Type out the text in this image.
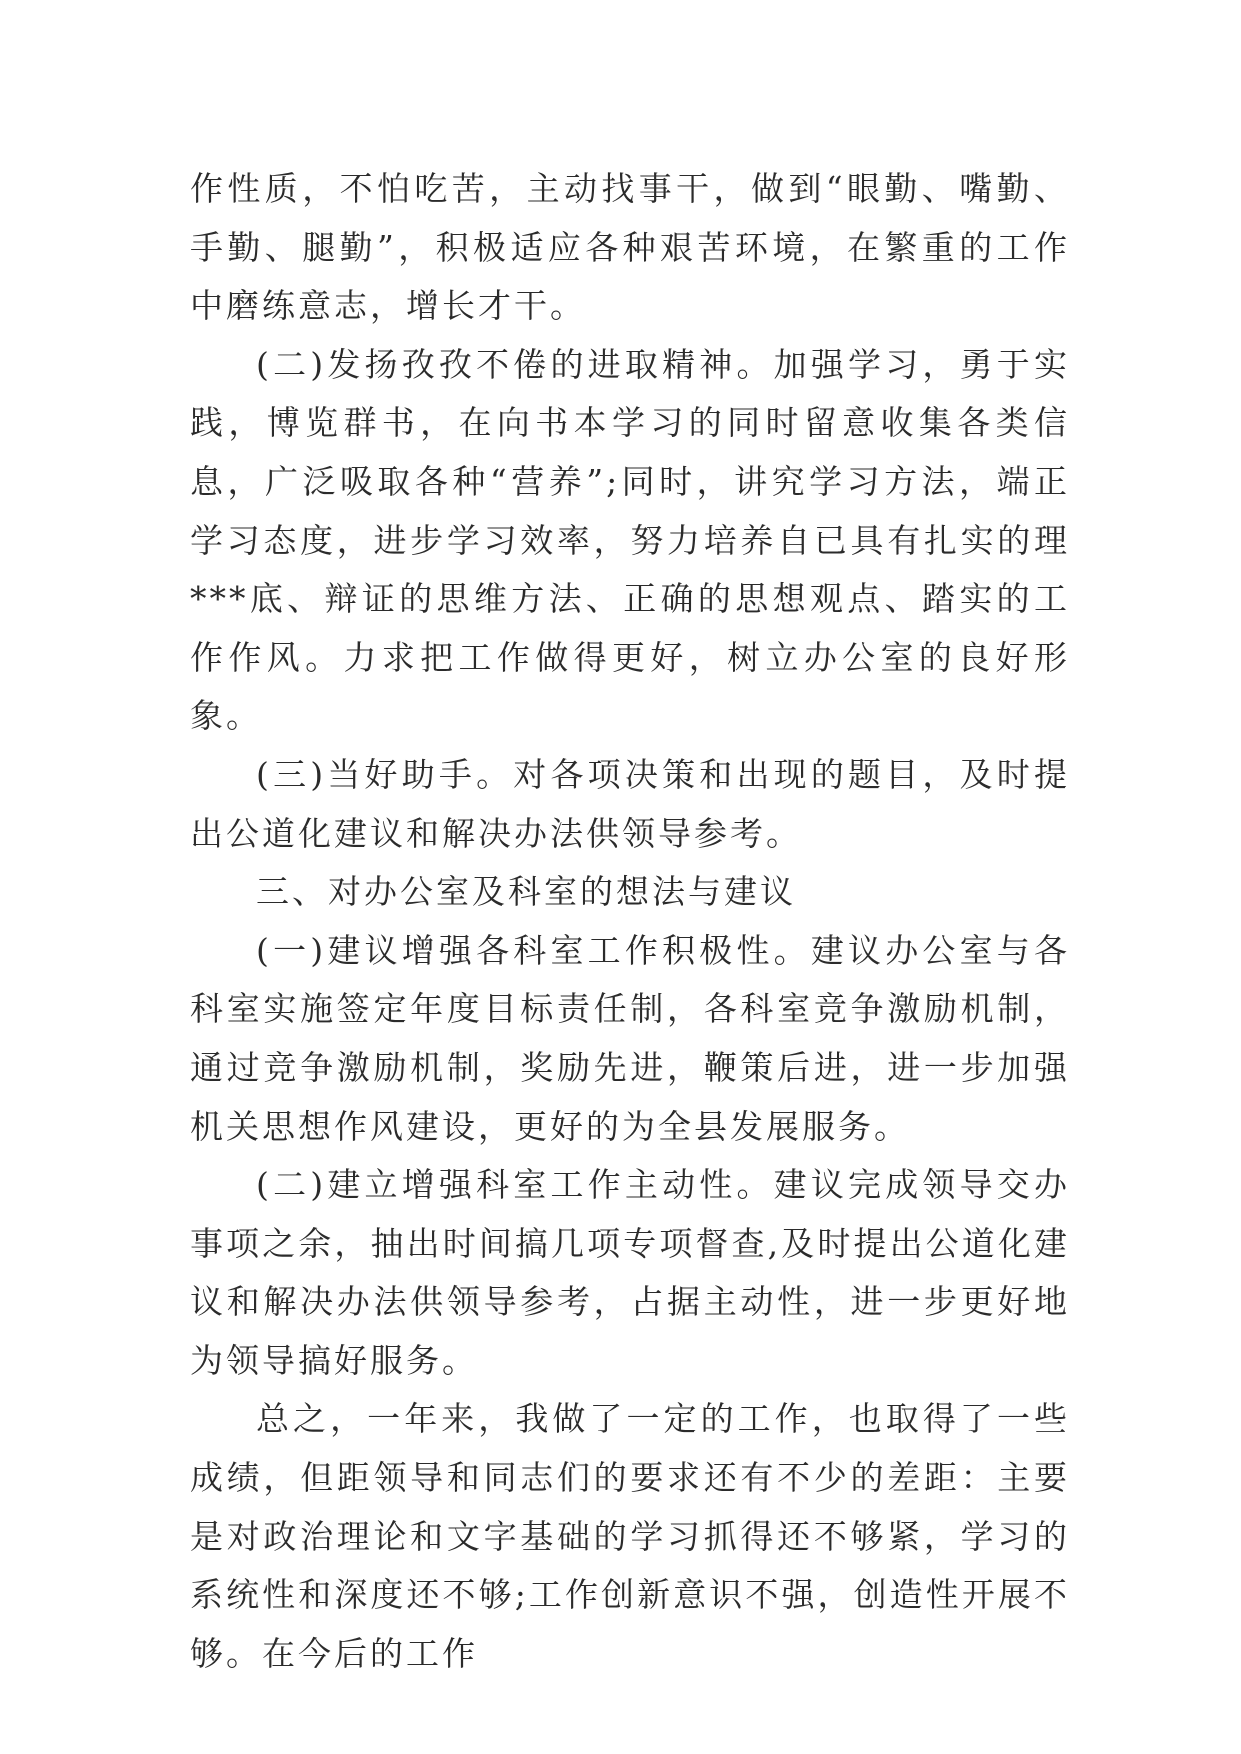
作性质，不怕吃苦，主动找事干，做到“眼勤、嘴勤、手勤、腿勤”，积极适应各种艰苦环境，在繁重的工作中磨练意志，增长才干。

(二)发扬孜孜不倦的进取精神。加强学习，勇于实践，博览群书，在向书本学习的同时留意收集各类信息，广泛吸取各种“营养”;同时，讲究学习方法，端正学习态度，进步学习效率，努力培养自已具有扎实的理***底、辩证的思维方法、正确的思想观点、踏实的工作作风。力求把工作做得更好，树立办公室的良好形象。

(三)当好助手。对各项决策和出现的题目，及时提出公道化建议和解决办法供领导参考。

三、对办公室及科室的想法与建议

(一)建议增强各科室工作积极性。建议办公室与各科室实施签定年度目标责任制，各科室竞争激励机制，通过竞争激励机制，奖励先进，鞭策后进，进一步加强机关思想作风建设，更好的为全县发展服务。

(二)建立增强科室工作主动性。建议完成领导交办事项之余，抽出时间搞几项专项督查,及时提出公道化建议和解决办法供领导参考，占据主动性，进一步更好地为领导搞好服务。

总之，一年来，我做了一定的工作，也取得了一些成绩，但距领导和同志们的要求还有不少的差距：主要是对政治理论和文字基础的学习抓得还不够紧，学习的系统性和深度还不够;工作创新意识不强，创造性开展不够。在今后的工作
